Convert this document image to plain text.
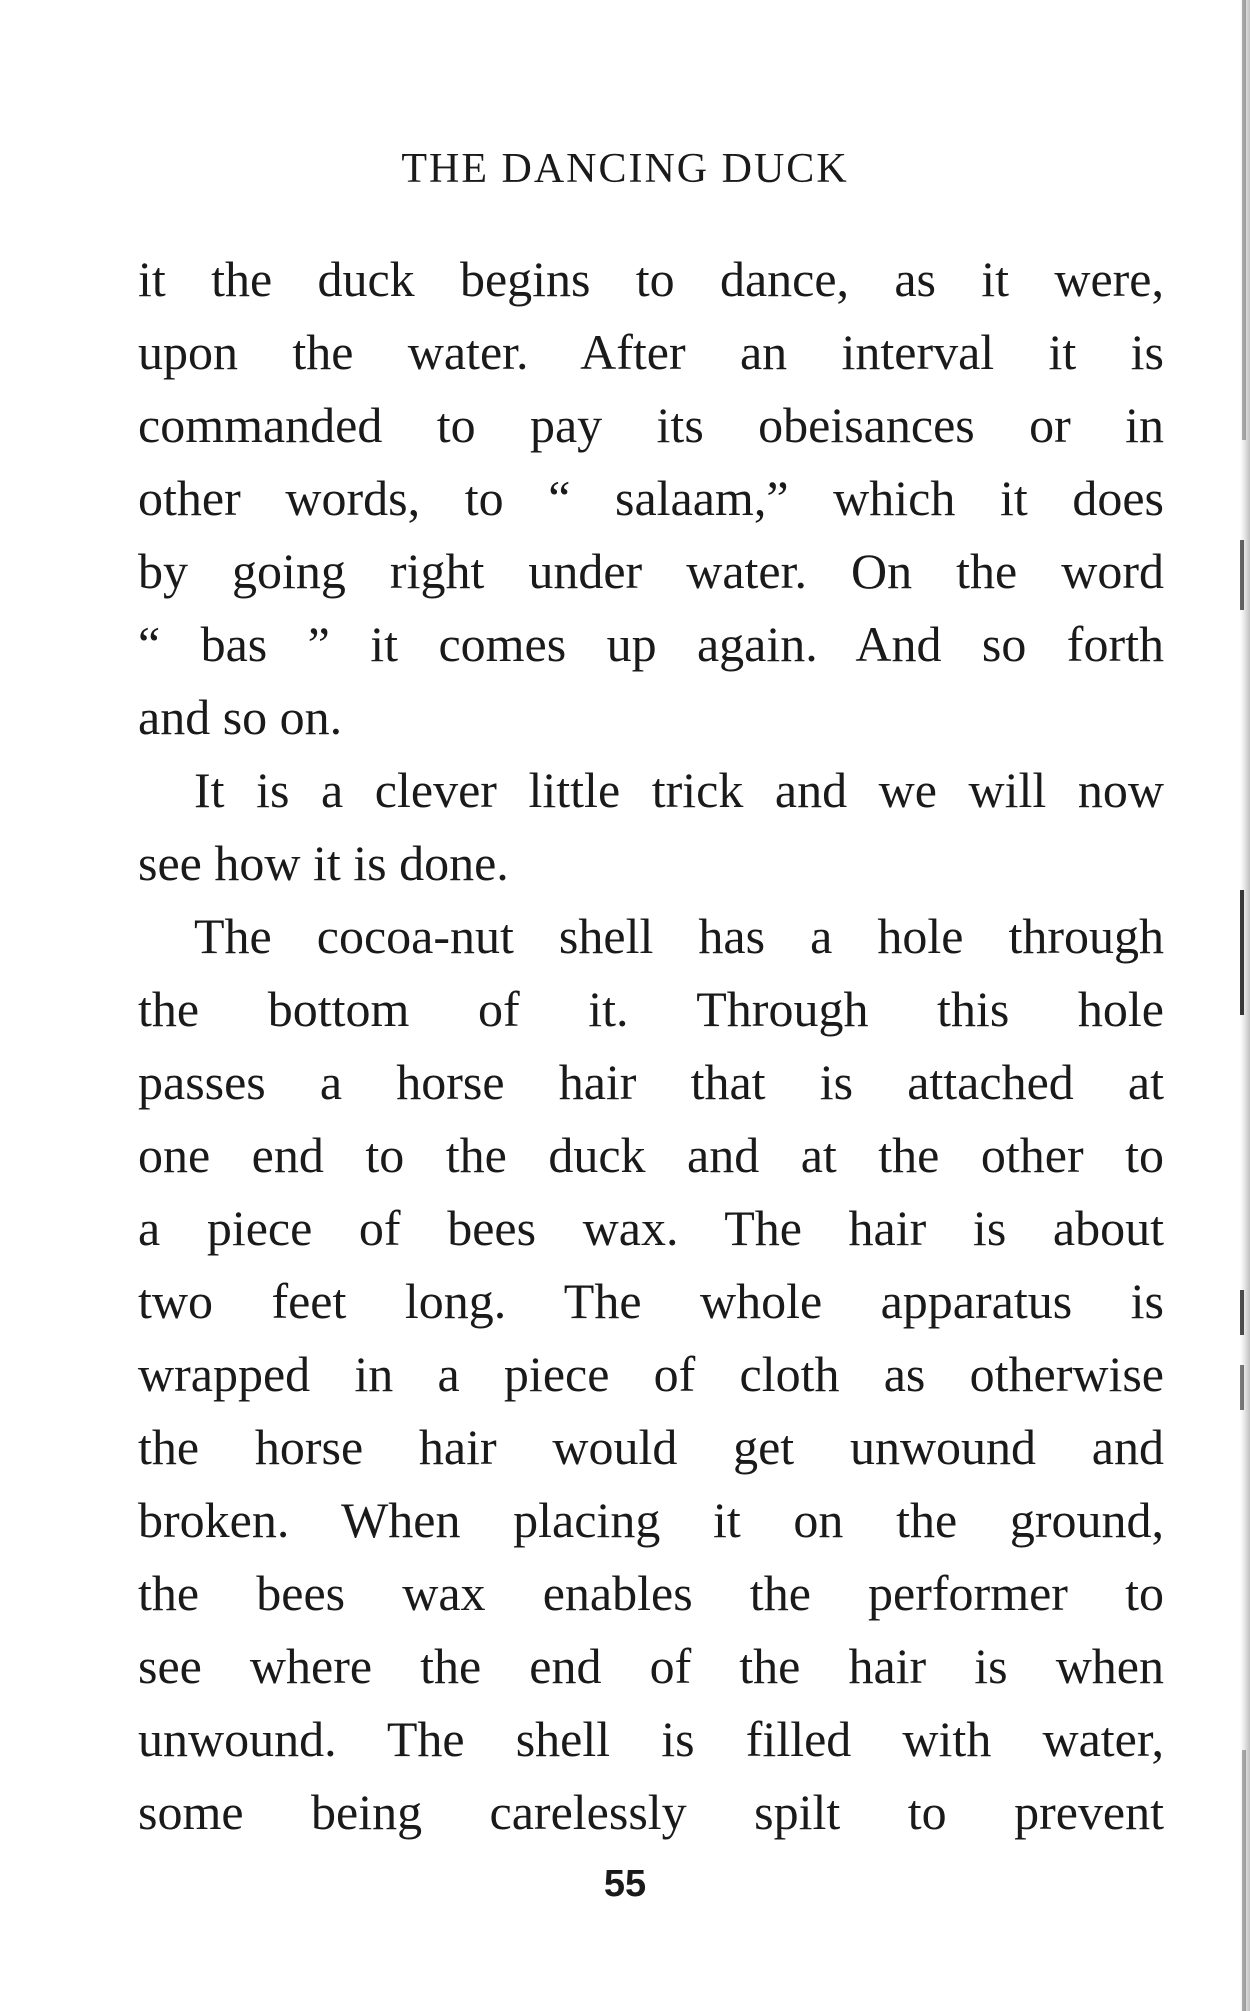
THE DANCING DUCK
it the duck begins to dance, as it were,
upon the water. After an interval it is
commanded to pay its obeisances or in
other words, to “ salaam,” which it does
by going right under water. On the word
“ bas ” it comes up again. And so forth
and so on.
It is a clever little trick and we will now
see how it is done.
The cocoa-nut shell has a hole through
the bottom of it. Through this hole
passes a horse hair that is attached at
one end to the duck and at the other to
a piece of bees wax. The hair is about
two feet long. The whole apparatus is
wrapped in a piece of cloth as otherwise
the horse hair would get unwound and
broken. When placing it on the ground,
the bees wax enables the performer to
see where the end of the hair is when
unwound. The shell is filled with water,
some being carelessly spilt to prevent
55
